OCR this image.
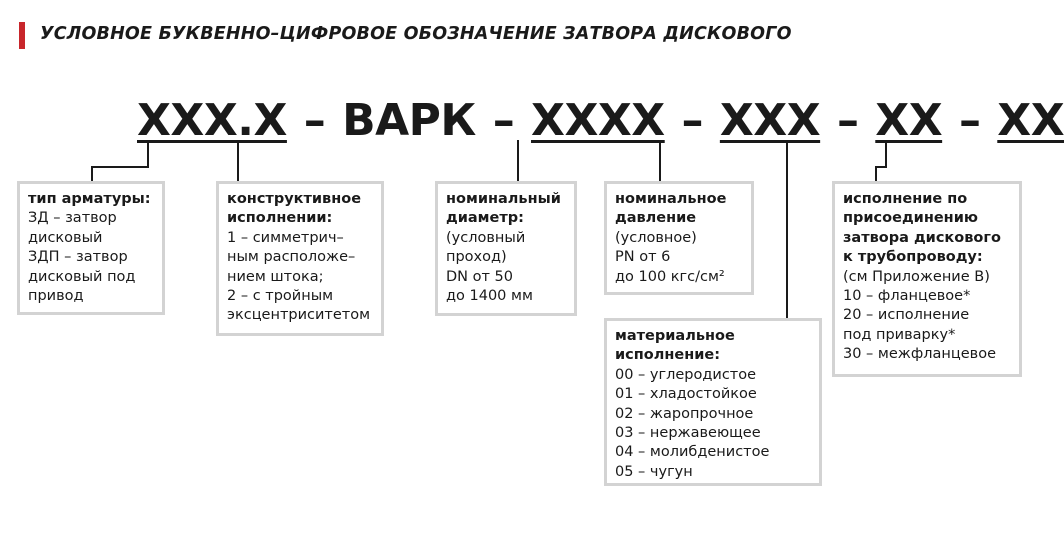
УСЛОВНОЕ БУКВЕННО–ЦИФРОВОЕ ОБОЗНАЧЕНИЕ ЗАТВОРА ДИСКОВОГО
XXX.X – ВАРК – XXXX – XXX – XX – XX
тип арматуры:
ЗД – затвор
дисковый
ЗДП – затвор
дисковый под
привод
конструктивное
исполнении:
1 – симметрич–
ным расположе–
нием штока;
2 – с тройным
эксцентриситетом
номинальный
диаметр:
(условный
проход)
DN от 50
до 1400 мм
номинальное
давление
(условное)
PN от 6
до 100 кгс/см²
материальное
исполнение:
00 – углеродистое
01 – хладостойкое
02 – жаропрочное
03 – нержавеющее
04 – молибденистое
05 – чугун
исполнение по
присоединению
затвора дискового
к трубопроводу:
(см Приложение В)
10 – фланцевое*
20 – исполнение
под приварку*
30 – межфланцевое
